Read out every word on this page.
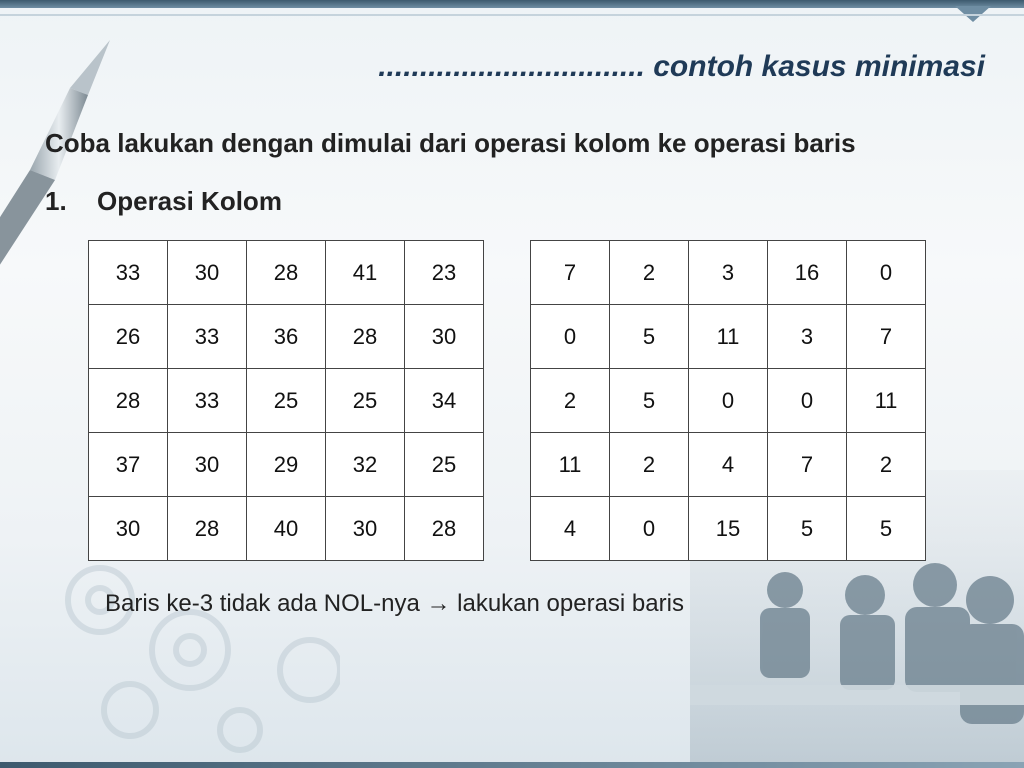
................................ contoh kasus minimasi
Coba lakukan dengan dimulai dari operasi kolom ke operasi baris
1. Operasi Kolom
33	30	28	41	23
26	33	36	28	30
28	33	25	25	34
37	30	29	32	25
30	28	40	30	28
7	2	3	16	0
0	5	11	3	7
2	5	0	0	11
11	2	4	7	2
4	0	15	5	5
Baris ke-3 tidak ada NOL-nya → lakukan operasi baris
